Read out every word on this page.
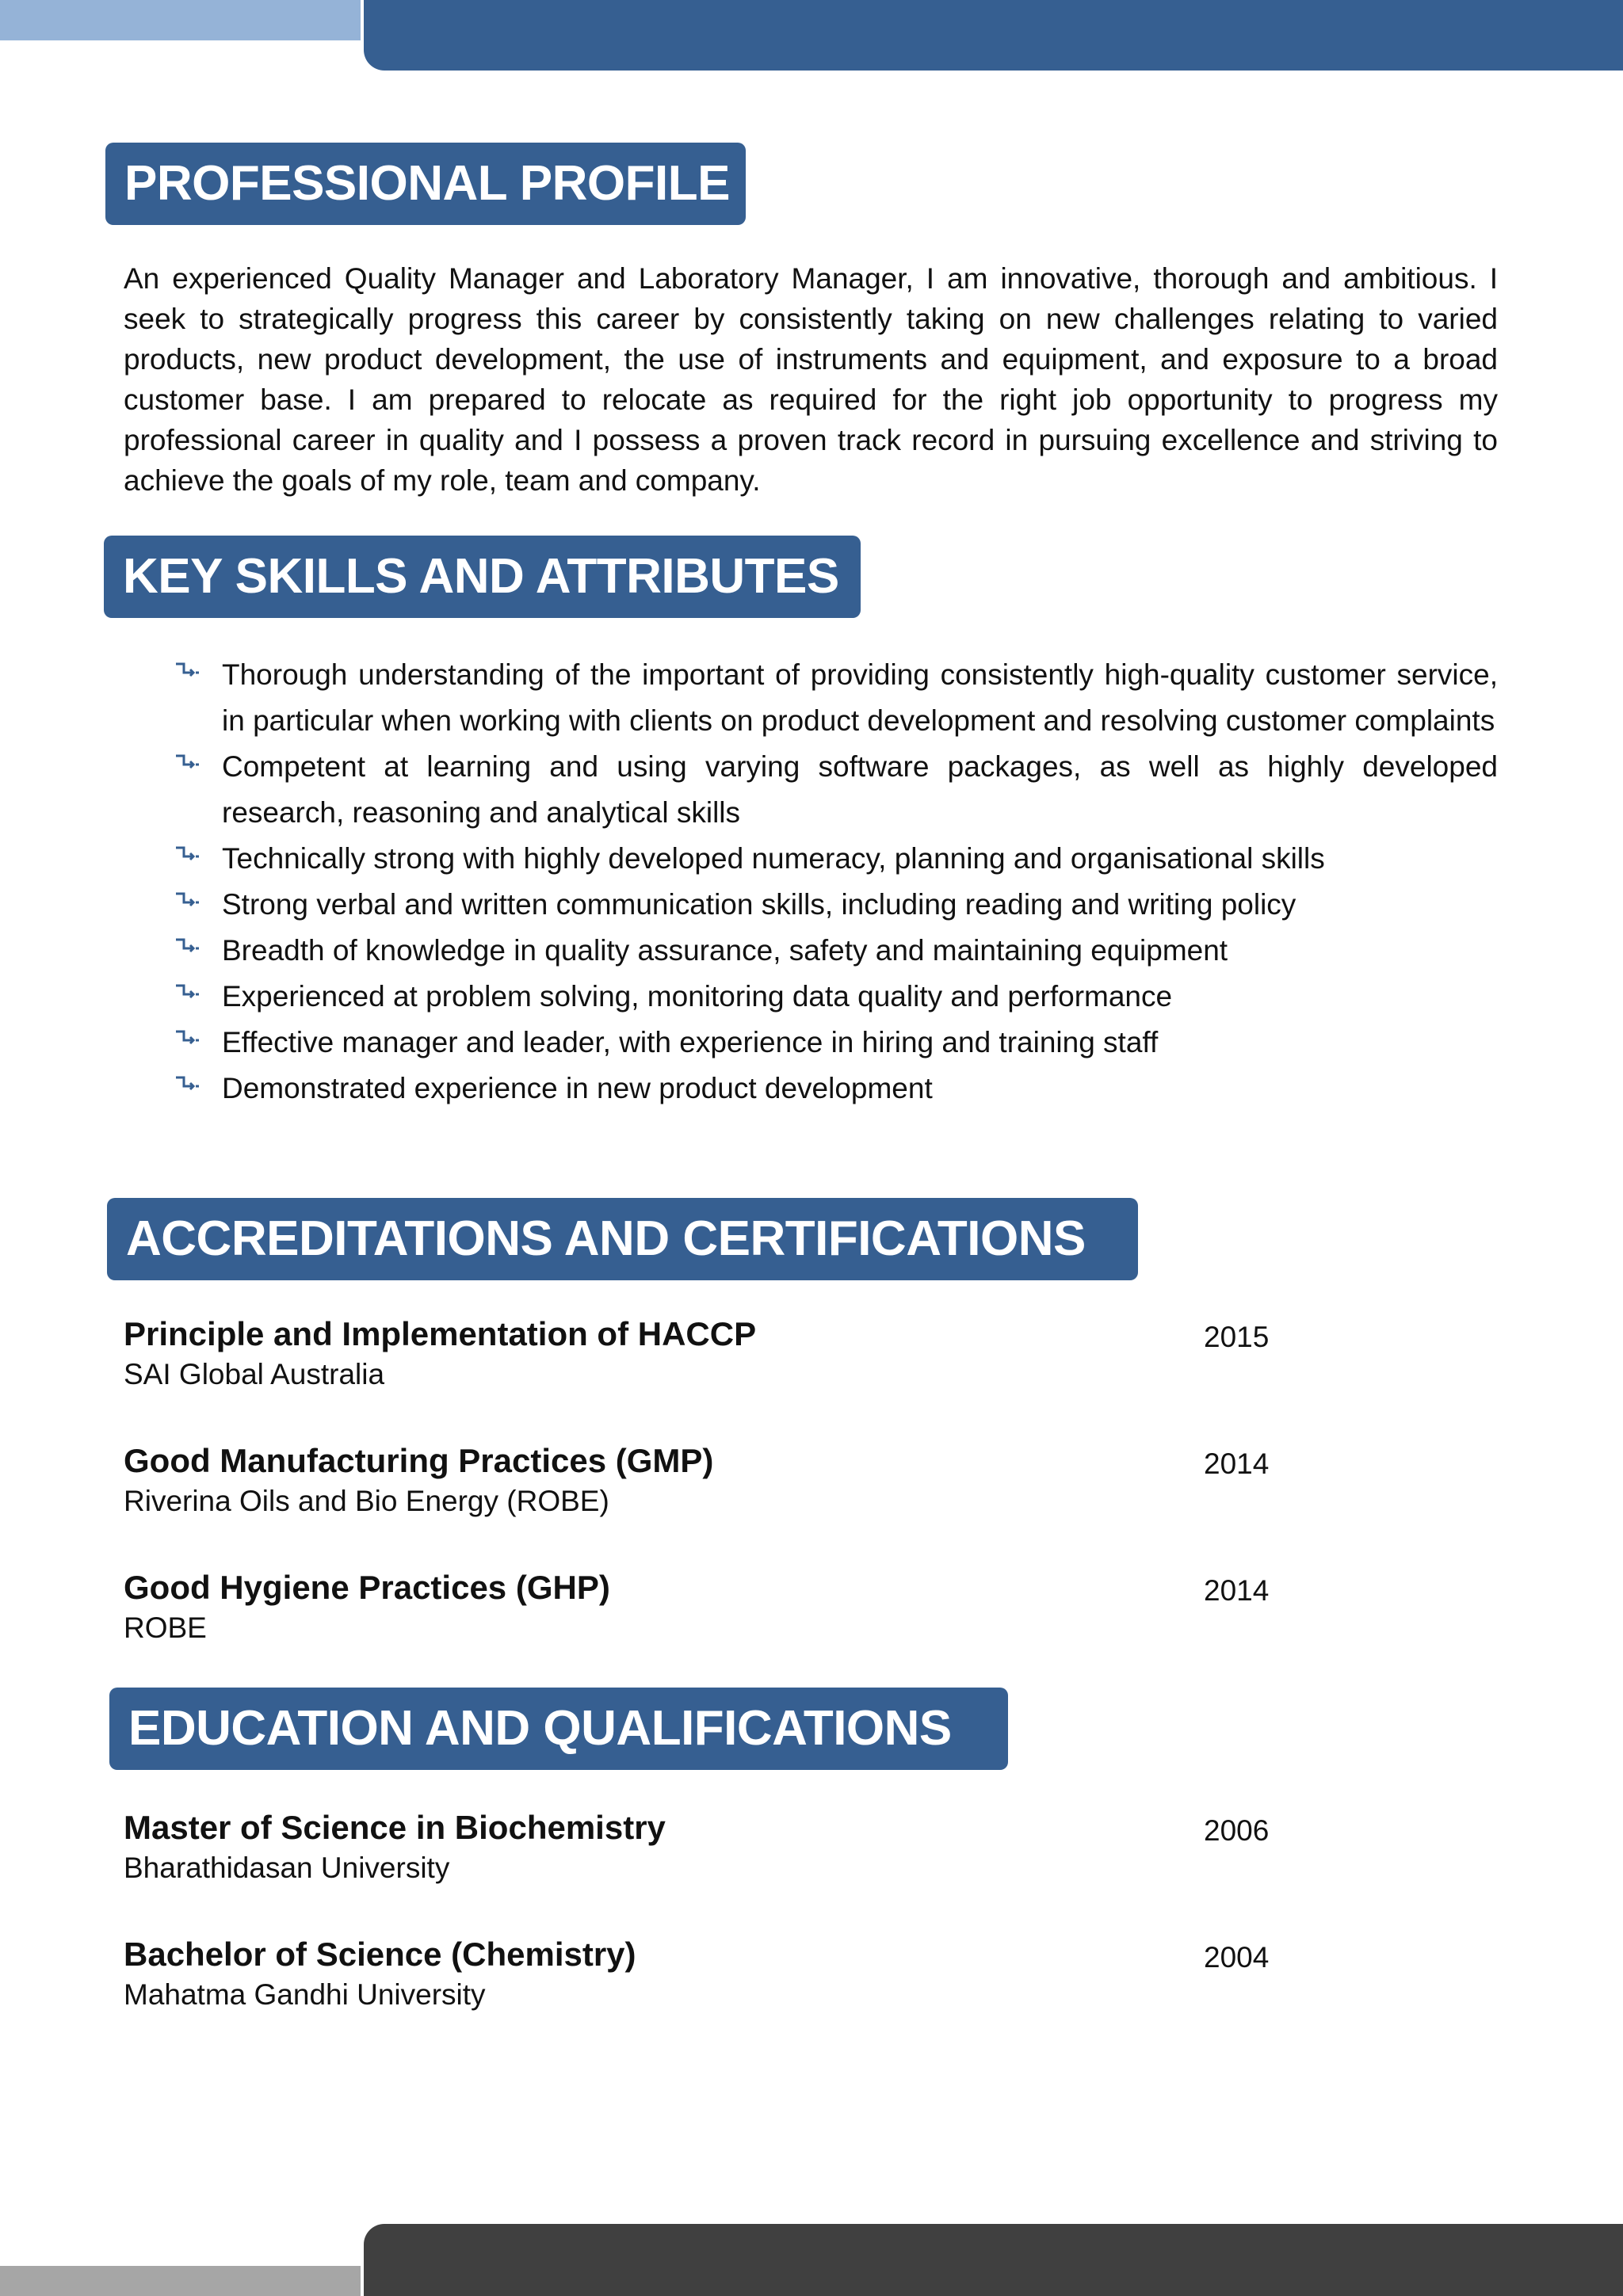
PROFESSIONAL PROFILE

An experienced Quality Manager and Laboratory Manager, I am innovative, thorough and ambitious. I seek to strategically progress this career by consistently taking on new challenges relating to varied products, new product development, the use of instruments and equipment, and exposure to a broad customer base. I am prepared to relocate as required for the right job opportunity to progress my professional career in quality and I possess a proven track record in pursuing excellence and striving to achieve the goals of my role, team and company.

KEY SKILLS AND ATTRIBUTES
Thorough understanding of the important of providing consistently high-quality customer service, in particular when working with clients on product development and resolving customer complaints
Competent at learning and using varying software packages, as well as highly developed research, reasoning and analytical skills
Technically strong with highly developed numeracy, planning and organisational skills
Strong verbal and written communication skills, including reading and writing policy
Breadth of knowledge in quality assurance, safety and maintaining equipment
Experienced at problem solving, monitoring data quality and performance
Effective manager and leader, with experience in hiring and training staff
Demonstrated experience in new product development
ACCREDITATIONS AND CERTIFICATIONS
Principle and Implementation of HACCP
SAI Global Australia
2015
Good Manufacturing Practices (GMP)
Riverina Oils and Bio Energy (ROBE)
2014
Good Hygiene Practices (GHP)
ROBE
2014
EDUCATION AND QUALIFICATIONS
Master of Science in Biochemistry
Bharathidasan University
2006
Bachelor of Science (Chemistry)
Mahatma Gandhi University
2004
